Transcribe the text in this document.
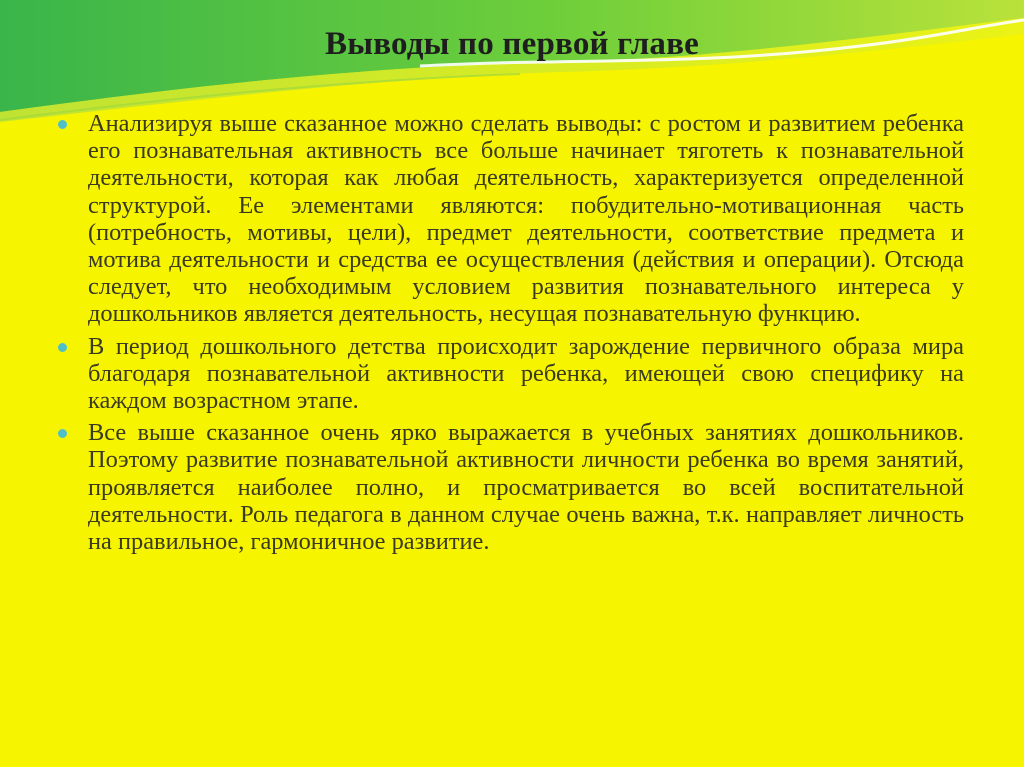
Выводы по первой главе
Анализируя выше сказанное можно сделать выводы: с ростом и развитием ребенка его познавательная активность все больше начинает тяготеть к познавательной деятельности, которая как любая деятельность, характеризуется определенной структурой. Ее элементами являются: побудительно-мотивационная часть (потребность, мотивы, цели), предмет деятельности, соответствие предмета и мотива деятельности и средства ее осуществления (действия и операции). Отсюда следует, что необходимым условием развития познавательного интереса у дошкольников является деятельность, несущая познавательную функцию.
В период дошкольного детства происходит зарождение первичного образа мира благодаря познавательной активности ребенка, имеющей свою специфику на каждом возрастном этапе.
Все выше сказанное очень ярко выражается в учебных занятиях дошкольников. Поэтому развитие познавательной активности личности ребенка во время занятий, проявляется наиболее полно, и просматривается во всей воспитательной деятельности. Роль педагога в данном случае очень важна, т.к. направляет личность на правильное, гармоничное развитие.
